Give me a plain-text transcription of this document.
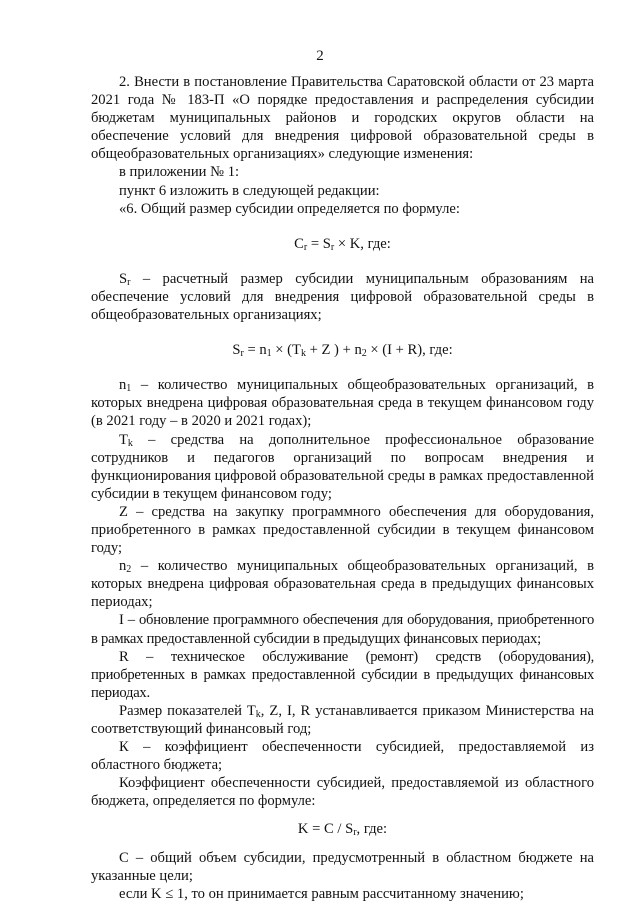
2

2. Внести в постановление Правительства Саратовской области от 23 марта 2021 года № 183-П «О порядке предоставления и распределения субсидии бюджетам муниципальных районов и городских округов области на обеспечение условий для внедрения цифровой образовательной среды в общеобразовательных организациях» следующие изменения:

в приложении № 1:

пункт 6 изложить в следующей редакции:

«6. Общий размер субсидии определяется по формуле:

$C_r = S_r \times K$, где:

$S_r$ – расчетный размер субсидии муниципальным образованиям на обеспечение условий для внедрения цифровой образовательной среды в общеобразовательных организациях;

$S_r = n_1 \times (T_k + Z$ ) + $n_2 \times (I + R)$, где:

$n_1$ – количество муниципальных общеобразовательных организаций, в которых внедрена цифровая образовательная среда в текущем финансовом году (в 2021 году – в 2020 и 2021 годах);

$T_k$ – средства на дополнительное профессиональное образование сотрудников и педагогов организаций по вопросам внедрения и функционирования цифровой образовательной среды в рамках предоставленной субсидии в текущем финансовом году;

Z – средства на закупку программного обеспечения для оборудования, приобретенного в рамках предоставленной субсидии в текущем финансовом году;

$n_2$ – количество муниципальных общеобразовательных организаций, в которых внедрена цифровая образовательная среда в предыдущих финансовых периодах;

I – обновление программного обеспечения для оборудования, приобретенного в рамках предоставленной субсидии в предыдущих финансовых периодах;

R – техническое обслуживание (ремонт) средств (оборудования), приобретенных в рамках предоставленной субсидии в предыдущих финансовых периодах.

Размер показателей $T_k$, Z, I, R устанавливается приказом Министерства на соответствующий финансовый год;

К – коэффициент обеспеченности субсидией, предоставляемой из областного бюджета;

Коэффициент обеспеченности субсидией, предоставляемой из областного бюджета, определяется по формуле:

$K = C / S_r$, где:

С – общий объем субсидии, предусмотренный в областном бюджете на указанные цели;

если K ≤ 1, то он принимается равным рассчитанному значению;
